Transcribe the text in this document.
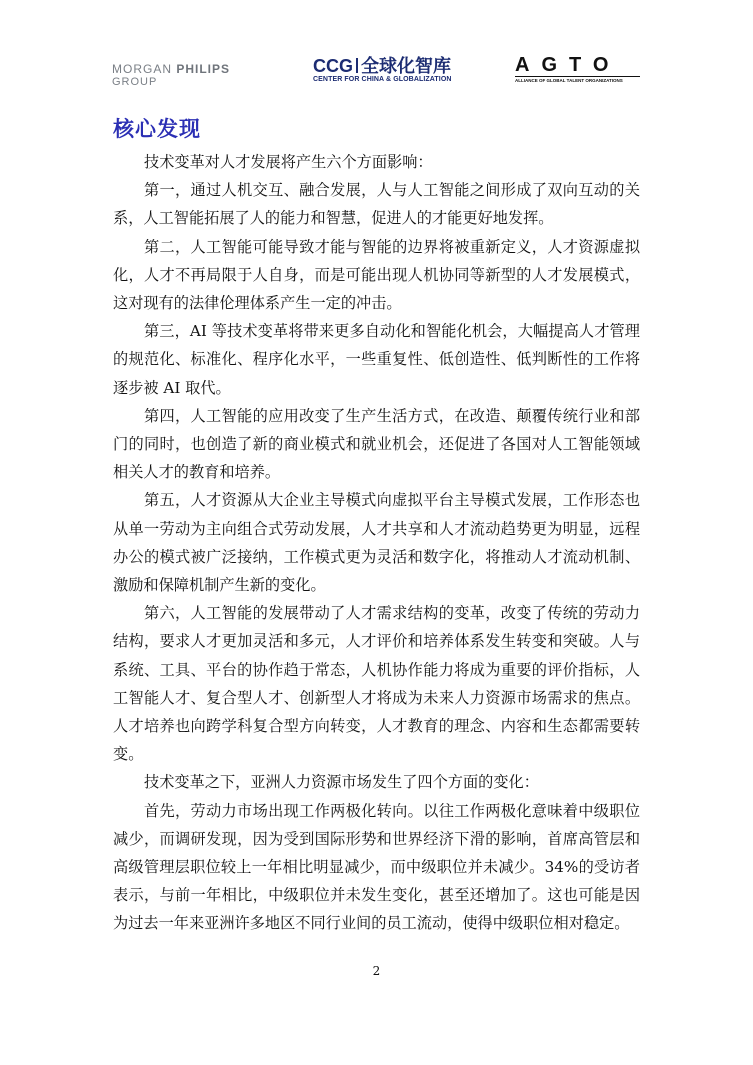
MORGAN PHILIPS
GROUP
CCG 全球化智库
CENTER FOR CHINA & GLOBALIZATION
AGTO
ALLIANCE OF GLOBAL TALENT ORGANIZATIONS
核心发现

技术变革对人才发展将产生六个方面影响：

第一，通过人机交互、融合发展，人与人工智能之间形成了双向互动的关系，人工智能拓展了人的能力和智慧，促进人的才能更好地发挥。

第二，人工智能可能导致才能与智能的边界将被重新定义，人才资源虚拟化，人才不再局限于人自身，而是可能出现人机协同等新型的人才发展模式，这对现有的法律伦理体系产生一定的冲击。

第三，AI 等技术变革将带来更多自动化和智能化机会，大幅提高人才管理的规范化、标准化、程序化水平，一些重复性、低创造性、低判断性的工作将逐步被 AI 取代。

第四，人工智能的应用改变了生产生活方式，在改造、颠覆传统行业和部门的同时，也创造了新的商业模式和就业机会，还促进了各国对人工智能领域相关人才的教育和培养。

第五，人才资源从大企业主导模式向虚拟平台主导模式发展，工作形态也从单一劳动为主向组合式劳动发展，人才共享和人才流动趋势更为明显，远程办公的模式被广泛接纳，工作模式更为灵活和数字化，将推动人才流动机制、激励和保障机制产生新的变化。

第六，人工智能的发展带动了人才需求结构的变革，改变了传统的劳动力结构，要求人才更加灵活和多元，人才评价和培养体系发生转变和突破。人与系统、工具、平台的协作趋于常态，人机协作能力将成为重要的评价指标，人工智能人才、复合型人才、创新型人才将成为未来人力资源市场需求的焦点。人才培养也向跨学科复合型方向转变，人才教育的理念、内容和生态都需要转变。

技术变革之下，亚洲人力资源市场发生了四个方面的变化：

首先，劳动力市场出现工作两极化转向。以往工作两极化意味着中级职位减少，而调研发现，因为受到国际形势和世界经济下滑的影响，首席高管层和高级管理层职位较上一年相比明显减少，而中级职位并未减少。34%的受访者表示，与前一年相比，中级职位并未发生变化，甚至还增加了。这也可能是因为过去一年来亚洲许多地区不同行业间的员工流动，使得中级职位相对稳定。

2
